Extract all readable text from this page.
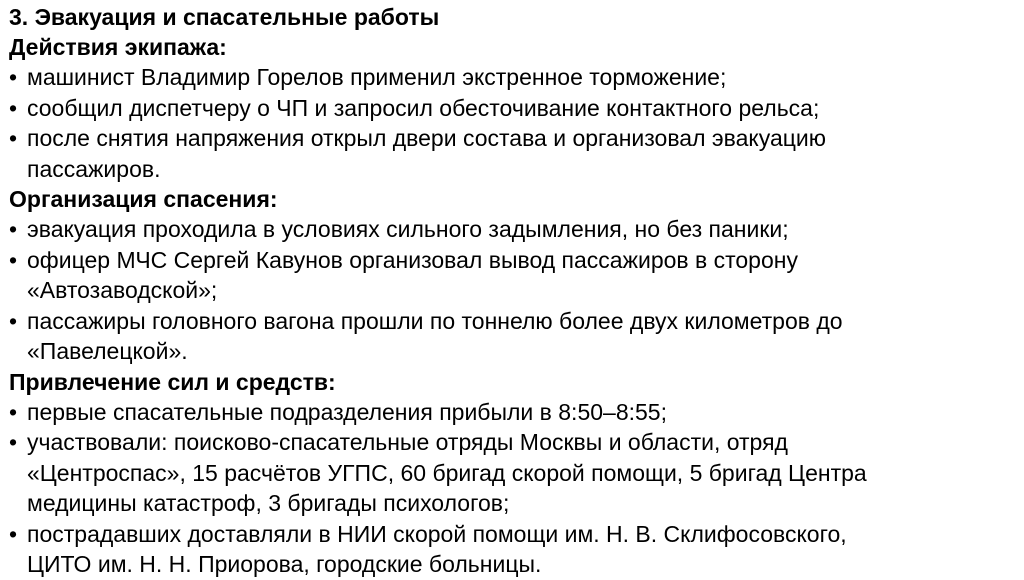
3. Эвакуация и спасательные работы
Действия экипажа:
• машинист Владимир Горелов применил экстренное торможение;
• сообщил диспетчеру о ЧП и запросил обесточивание контактного рельса;
• после снятия напряжения открыл двери состава и организовал эвакуацию
пассажиров.
Организация спасения:
• эвакуация проходила в условиях сильного задымления, но без паники;
• офицер МЧС Сергей Кавунов организовал вывод пассажиров в сторону
«Автозаводской»;
• пассажиры головного вагона прошли по тоннелю более двух километров до
«Павелецкой».
Привлечение сил и средств:
• первые спасательные подразделения прибыли в 8:50–8:55;
• участвовали: поисково-спасательные отряды Москвы и области, отряд
«Центроспас», 15 расчётов УГПС, 60 бригад скорой помощи, 5 бригад Центра
медицины катастроф, 3 бригады психологов;
• пострадавших доставляли в НИИ скорой помощи им. Н. В. Склифосовского,
ЦИТО им. Н. Н. Приорова, городские больницы.
